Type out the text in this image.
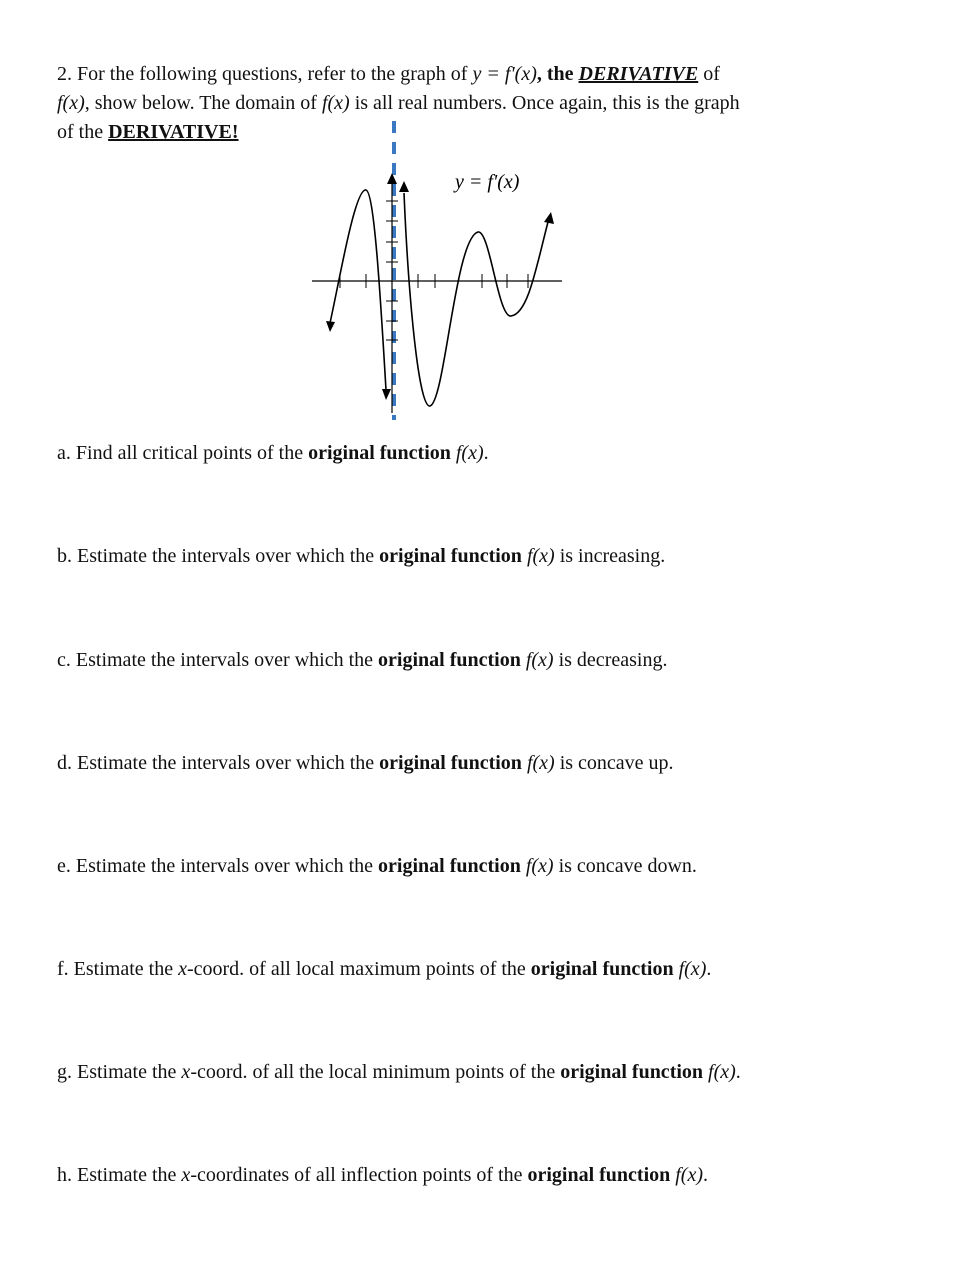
2. For the following questions, refer to the graph of y = f'(x), the DERIVATIVE of
f(x), show below. The domain of f(x) is all real numbers. Once again, this is the graph
of the DERIVATIVE!
y = f'(x)
a. Find all critical points of the original function f(x).
b. Estimate the intervals over which the original function f(x) is increasing.
c. Estimate the intervals over which the original function f(x) is decreasing.
d. Estimate the intervals over which the original function f(x) is concave up.
e. Estimate the intervals over which the original function f(x) is concave down.
f. Estimate the x-coord. of all local maximum points of the original function f(x).
g. Estimate the x-coord. of all the local minimum points of the original function f(x).
h. Estimate the x-coordinates of all inflection points of the original function f(x).
